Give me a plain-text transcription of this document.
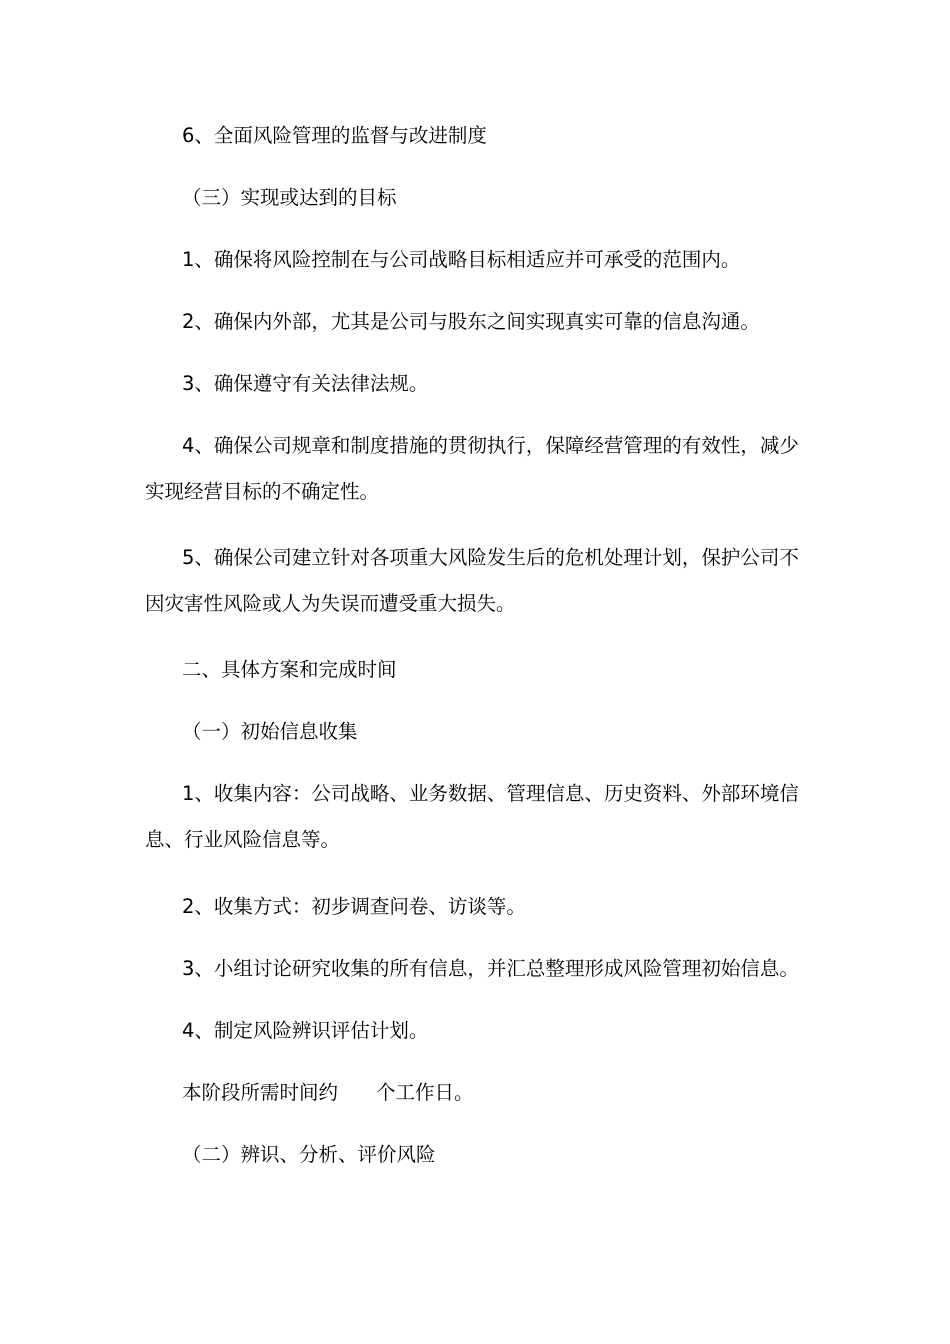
6、全面风险管理的监督与改进制度

（三）实现或达到的目标

1、确保将风险控制在与公司战略目标相适应并可承受的范围内。

2、确保内外部，尤其是公司与股东之间实现真实可靠的信息沟通。

3、确保遵守有关法律法规。

4、确保公司规章和制度措施的贯彻执行，保障经营管理的有效性，减少实现经营目标的不确定性。

5、确保公司建立针对各项重大风险发生后的危机处理计划，保护公司不因灾害性风险或人为失误而遭受重大损失。

二、具体方案和完成时间

（一）初始信息收集

1、收集内容：公司战略、业务数据、管理信息、历史资料、外部环境信息、行业风险信息等。

2、收集方式：初步调查问卷、访谈等。

3、小组讨论研究收集的所有信息，并汇总整理形成风险管理初始信息。

4、制定风险辨识评估计划。

本阶段所需时间约 个工作日。

（二）辨识、分析、评价风险
